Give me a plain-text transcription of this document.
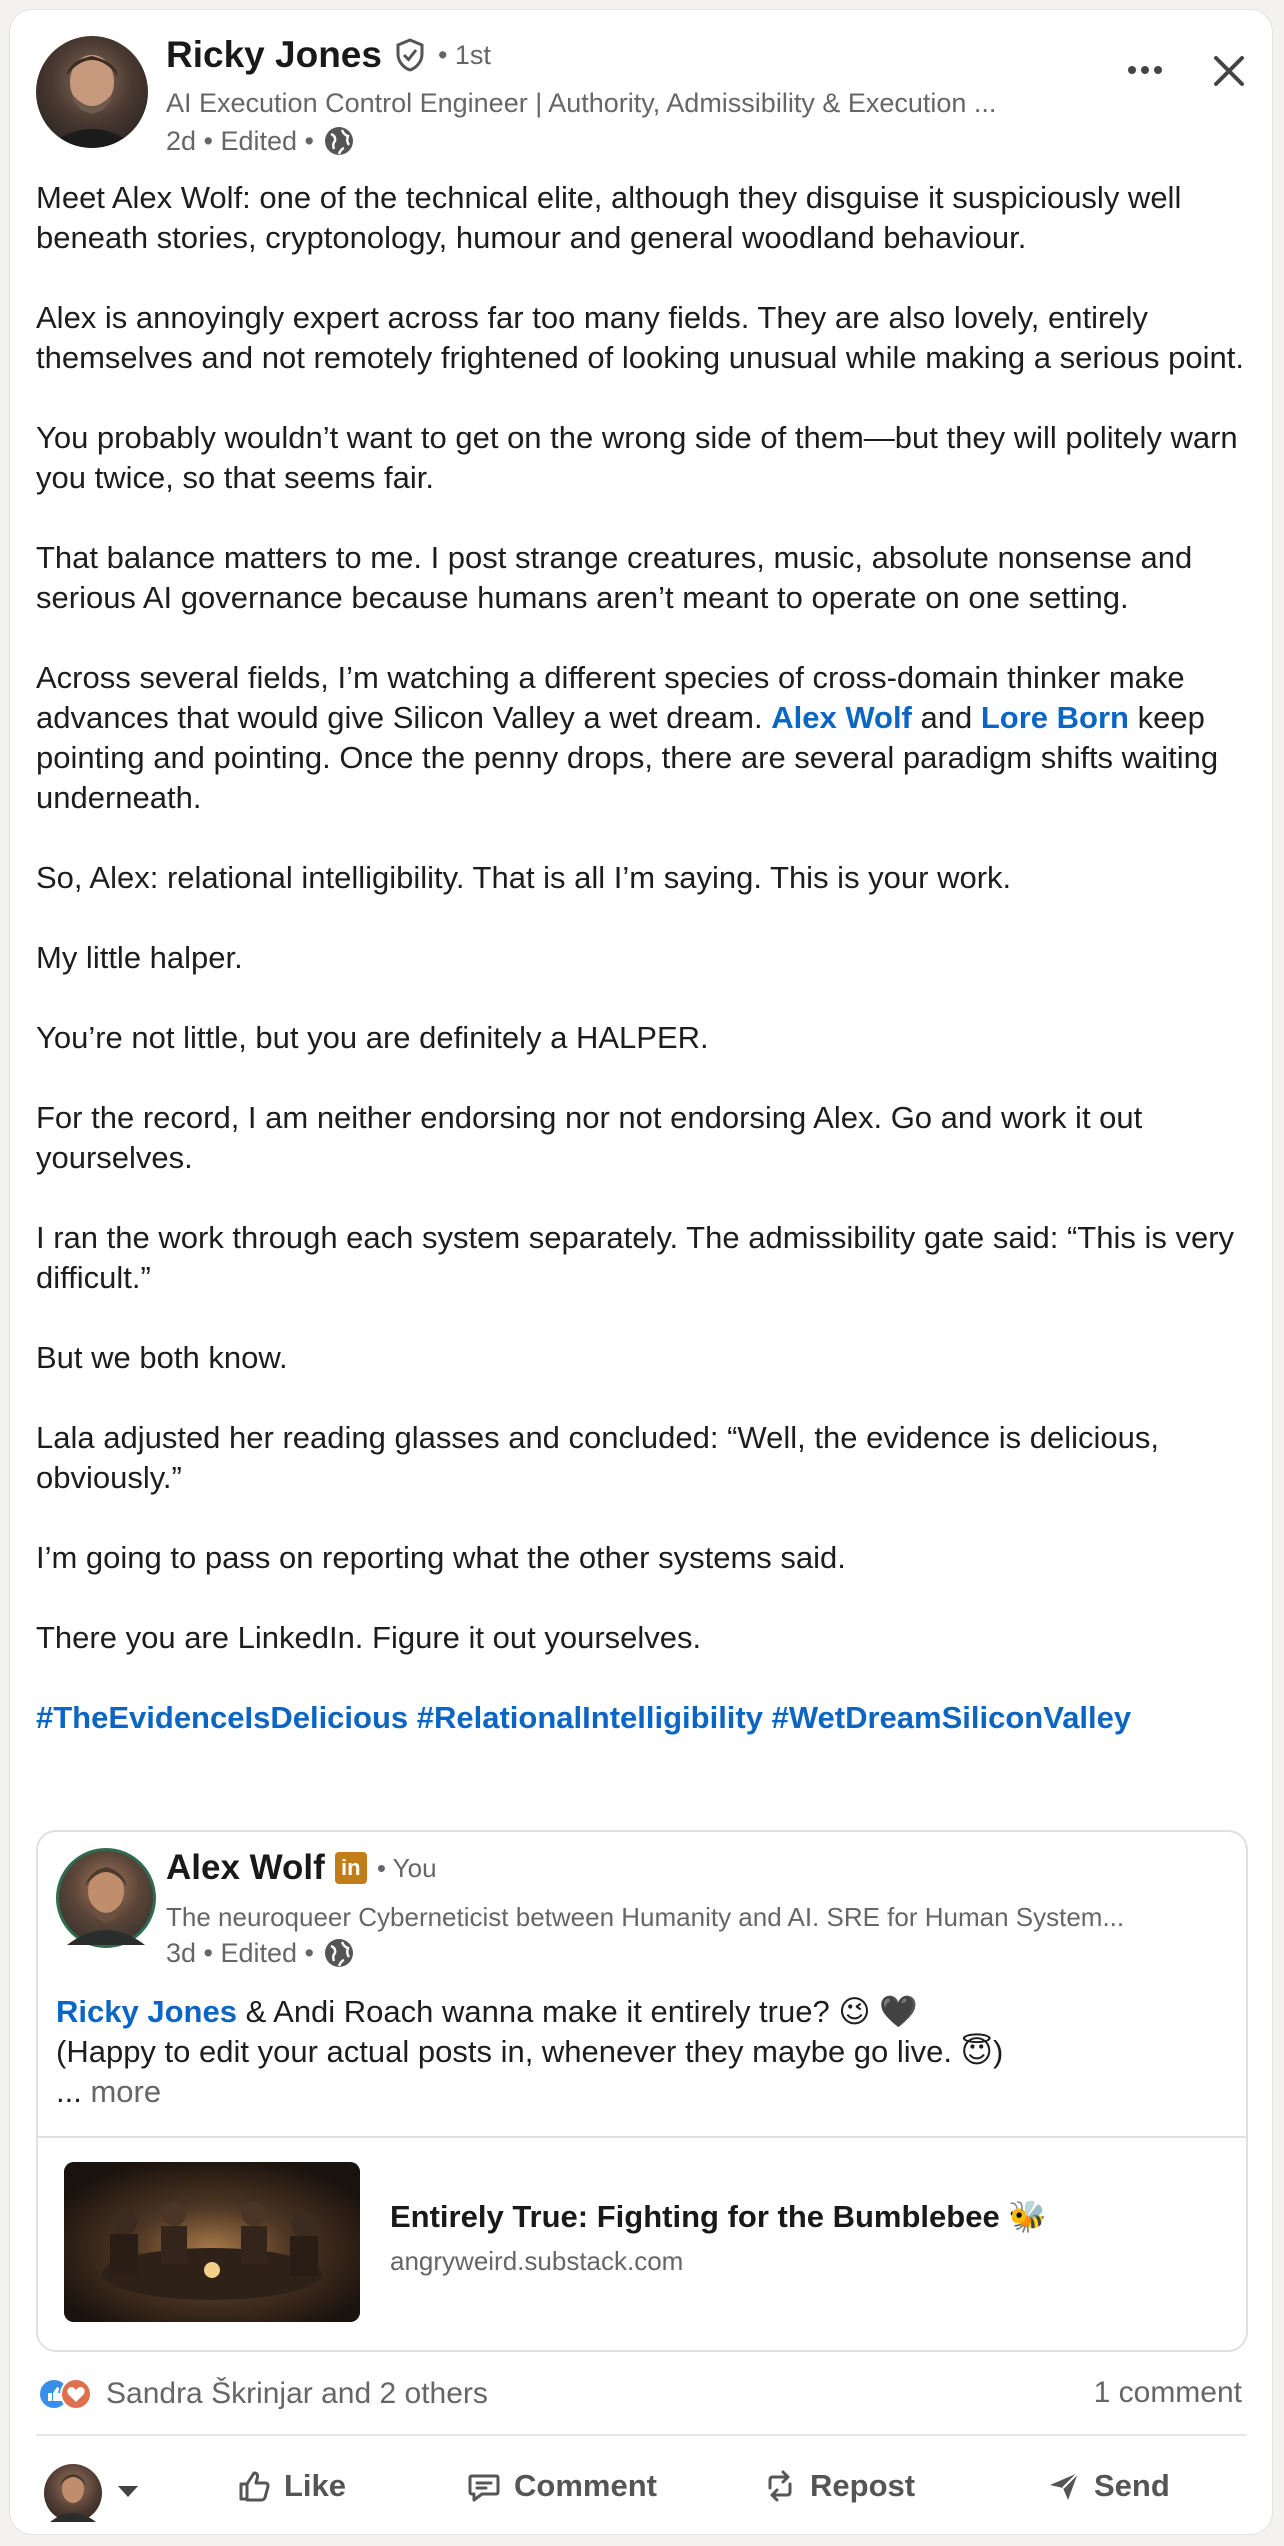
Ricky Jones • 1st
AI Execution Control Engineer | Authority, Admissibility & Execution ...
2d • Edited •

Meet Alex Wolf: one of the technical elite, although they disguise it suspiciously well beneath stories, cryptonology, humour and general woodland behaviour.

Alex is annoyingly expert across far too many fields. They are also lovely, entirely themselves and not remotely frightened of looking unusual while making a serious point.

You probably wouldn’t want to get on the wrong side of them—but they will politely warn you twice, so that seems fair.

That balance matters to me. I post strange creatures, music, absolute nonsense and serious AI governance because humans aren’t meant to operate on one setting.

Across several fields, I’m watching a different species of cross-domain thinker make advances that would give Silicon Valley a wet dream. Alex Wolf and Lore Born keep pointing and pointing. Once the penny drops, there are several paradigm shifts waiting underneath.

So, Alex: relational intelligibility. That is all I’m saying. This is your work.

My little halper.

You’re not little, but you are definitely a HALPER.

For the record, I am neither endorsing nor not endorsing Alex. Go and work it out yourselves.

I ran the work through each system separately. The admissibility gate said: “This is very difficult.”

But we both know.

Lala adjusted her reading glasses and concluded: “Well, the evidence is delicious, obviously.”

I’m going to pass on reporting what the other systems said.

There you are LinkedIn. Figure it out yourselves.

#TheEvidenceIsDelicious #RelationalIntelligibility #WetDreamSiliconValley

Alex Wolf in • You
The neuroqueer Cyberneticist between Humanity and AI. SRE for Human System...
3d • Edited •
Ricky Jones & Andi Roach wanna make it entirely true? 😉 🖤
(Happy to edit your actual posts in, whenever they maybe go live. 😇)
... more
Entirely True: Fighting for the Bumblebee 🐝
angryweird.substack.com
Sandra Škrinjar and 2 others	1 comment
Like	Comment	Repost	Send
